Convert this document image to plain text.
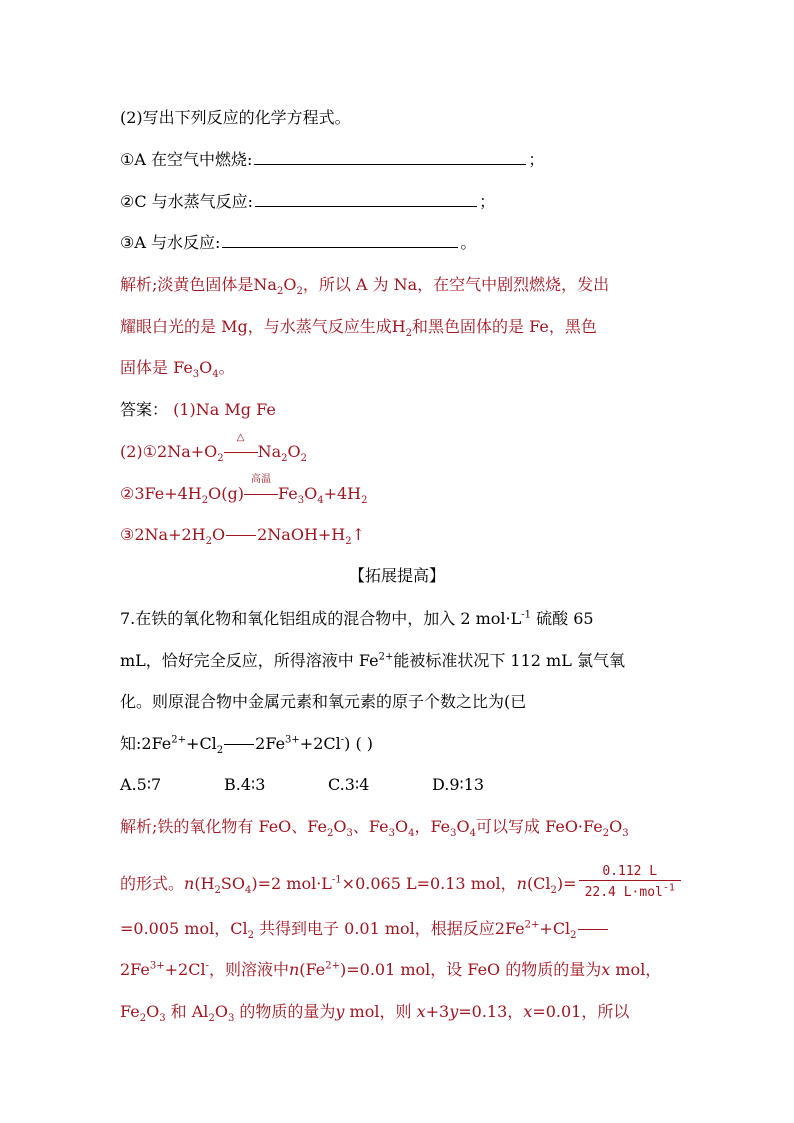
(2)写出下列反应的化学方程式。
①A 在空气中燃烧:	；
②C 与水蒸气反应:	；
③A 与水反应:	。
解析;淡黄色固体是$Na_2O_2$，所以 A 为 Na，在空气中剧烈燃烧，发出
耀眼白光的是 Mg，与水蒸气反应生成$H_2$和黑色固体的是 Fe，黑色
固体是 $Fe_3O_4$。
答案： (1)Na Mg Fe
$(2)①2Na+O_2$
△
$Na_2O_2$
$②3Fe+4H_2O(g)$
高温
$Fe_3O_4+4H_2$
$③2Na+2H_2O$ $2NaOH+H_2↑$
【拓展提高】
7.在铁的氧化物和氧化铝组成的混合物中，加入 2 $mol\cdot L^{-1}$ 硫酸 65
mL，恰好完全反应，所得溶液中 $Fe^{2+}$能被标准状况下 112 mL 氯气氧
化。则原混合物中金属元素和氧元素的原子个数之比为(已
知$:2Fe^{2+}+Cl_2$ $2Fe^{3+}+2Cl^-$) ( )
A.5∶7	B.4∶3	C.3∶4	D.9∶13
解析;铁的氧化物有 FeO、$Fe_2O_3$、$Fe_3O_4$，$Fe_3O_4$可以写成 $FeO\cdot Fe_2O_3$
的形式。$n(H_2SO_4)=2$ $mol\cdot L^{-1}\times 0.065$ L=0.13 mol，$n(Cl_2)= \frac{0.112 L}{22.4 L\cdot mol^{-1}}$
=0.005 mol，$Cl_2$ 共得到电子 0.01 mol，根据反应$2Fe^{2+}+Cl_2$
$2Fe^{3+}+2Cl^-$，则溶液中$n(Fe^{2+})=0.01$ mol，设 FeO 的物质的量为x mol，
$Fe_2O_3$ 和 $Al_2O_3$ 的物质的量为y mol，则 x+3y=0.13，x=0.01，所以
